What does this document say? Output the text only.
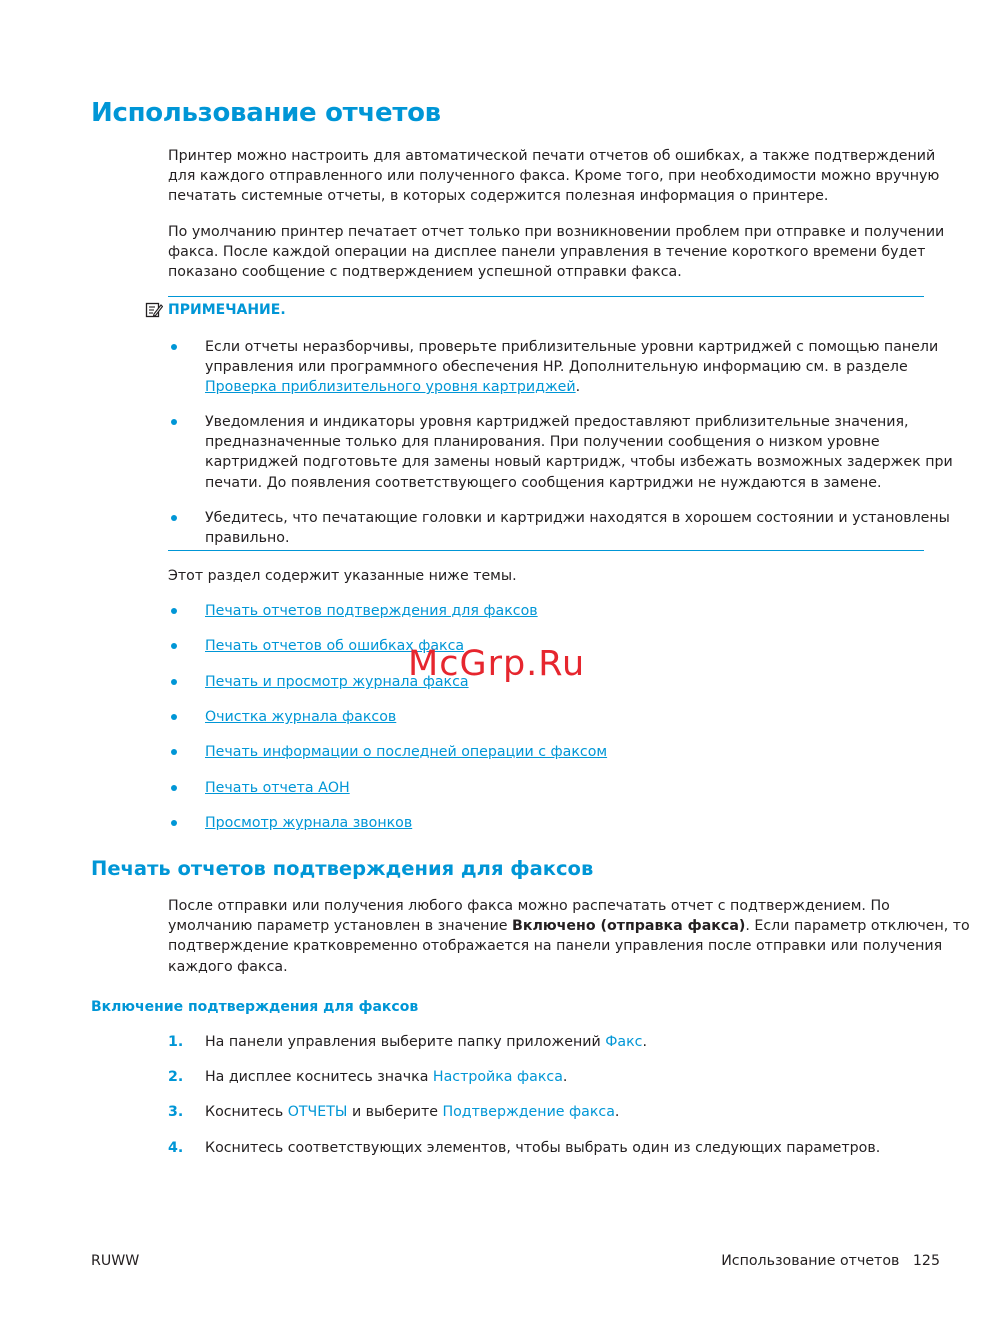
Использование отчетов

Принтер можно настроить для автоматической печати отчетов об ошибках, а также подтверждений

для каждого отправленного или полученного факса. Кроме того, при необходимости можно вручную

печатать системные отчеты, в которых содержится полезная информация о принтере.

По умолчанию принтер печатает отчет только при возникновении проблем при отправке и получении

факса. После каждой операции на дисплее панели управления в течение короткого времени будет

показано сообщение с подтверждением успешной отправки факса.

ПРИМЕЧАНИЕ.

Если отчеты неразборчивы, проверьте приблизительные уровни картриджей с помощью панели

управления или программного обеспечения HP. Дополнительную информацию см. в разделе

Проверка приблизительного уровня картриджей.

Уведомления и индикаторы уровня картриджей предоставляют приблизительные значения,

предназначенные только для планирования. При получении сообщения о низком уровне

картриджей подготовьте для замены новый картридж, чтобы избежать возможных задержек при

печати. До появления соответствующего сообщения картриджи не нуждаются в замене.

Убедитесь, что печатающие головки и картриджи находятся в хорошем состоянии и установлены

правильно.

Этот раздел содержит указанные ниже темы.
Печать отчетов подтверждения для факсов
Печать отчетов об ошибках факса
Печать и просмотр журнала факса
Очистка журнала факсов
Печать информации о последней операции с факсом
Печать отчета АОН
Просмотр журнала звонков
McGrp.Ru
Печать отчетов подтверждения для факсов

После отправки или получения любого факса можно распечатать отчет с подтверждением. По

умолчанию параметр установлен в значение Включено (отправка факса). Если параметр отключен, то

подтверждение кратковременно отображается на панели управления после отправки или получения

каждого факса.

Включение подтверждения для факсов
1. На панели управления выберите папку приложений Факс.
2. На дисплее коснитесь значка Настройка факса.
3. Коснитесь ОТЧЕТЫ и выберите Подтверждение факса.
4. Коснитесь соответствующих элементов, чтобы выбрать один из следующих параметров.
RUWW	Использование отчетов 125
